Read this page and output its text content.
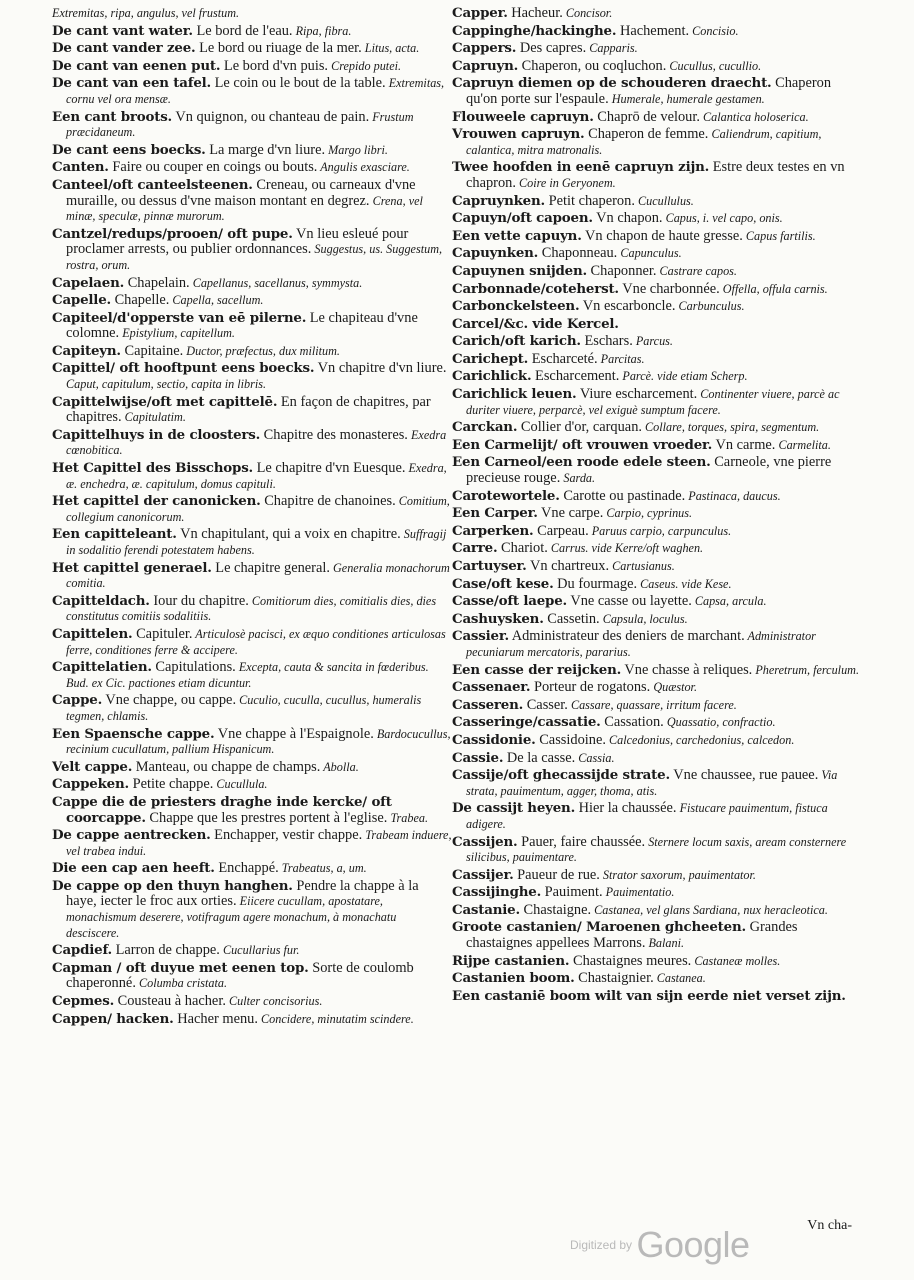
Extremitas, ripa, angulus, vel frustum.
De cant vant water. Le bord de l'eau. Ripa, fibra.
De cant vander zee. Le bord ou riuage de la mer. Litus, acta.
De cant van eenen put. Le bord d'vn puis. Crepido putei.
De cant van een tafel. Le coin ou le bout de la table. Extremitas, cornu vel ora mensæ.
Een cant broots. Vn quignon, ou chanteau de pain. Frustum præcidaneum.
De cant eens boecks. La marge d'vn liure. Margo libri.
Canten. Faire ou couper en coings ou bouts. Angulis exasciare.
Canteel/oft canteelsteenen. Creneau, ou carneaux d'vne muraille, ou dessus d'vne maison montant en degrez. Crena, vel minæ, speculæ, pinnæ murorum.
Cantzel/redups/prooen/ oft pupe. Vn lieu esleué pour proclamer arrests, ou publier ordonnances. Suggestus, us. Suggestum, rostra, orum.
Capelaen. Chapelain. Capellanus, sacellanus, symmysta.
Capelle. Chapelle. Capella, sacellum.
Capiteel/d'opperste van eē pilerne. Le chapiteau d'vne colomne. Epistylium, capitellum.
Capiteyn. Capitaine. Ductor, præfectus, dux militum.
Capittel/ oft hooftpunt eens boecks. Vn chapitre d'vn liure. Caput, capitulum, sectio, capita in libris.
Capittelwijse/oft met capittelē. En façon de chapitres, par chapitres. Capitulatim.
Capittelhuys in de cloosters. Chapitre des monasteres. Exedra cœnobitica.
Het Capittel des Bisschops. Le chapitre d'vn Euesque. Exedra, æ. enchedra, æ. capitulum, domus capituli.
Het capittel der canonicken. Chapitre de chanoines. Comitium, collegium canonicorum.
Een capitteleant. Vn chapitulant, qui a voix en chapitre. Suffragij in sodalitio ferendi potestatem habens.
Het capittel generael. Le chapitre general. Generalia monachorum comitia.
Capitteldach. Iour du chapitre. Comitiorum dies, comitialis dies, dies constitutus comitiis sodalitiis.
Capittelen. Capituler. Articulosè pacisci, ex æquo conditiones articulosas ferre, conditiones ferre & accipere.
Capittelatien. Capitulations. Excepta, cauta & sancita in fœderibus. Bud. ex Cic. pactiones etiam dicuntur.
Cappe. Vne chappe, ou cappe. Cuculio, cuculla, cucullus, humeralis tegmen, chlamis.
Een Spaensche cappe. Vne chappe à l'Espaignole. Bardocucullus, recinium cucullatum, pallium Hispanicum.
Velt cappe. Manteau, ou chappe de champs. Abolla.
Cappeken. Petite chappe. Cucullula.
Cappe die de priesters draghe inde kercke/ oft coorcappe. Chappe que les prestres portent à l'eglise. Trabea.
De cappe aentrecken. Enchapper, vestir chappe. Trabeam induere, vel trabea indui.
Die een cap aen heeft. Enchappé. Trabeatus, a, um.
De cappe op den thuyn hanghen. Pendre la chappe à la haye, iecter le froc aux orties. Eiicere cucullam, apostatare, monachismum deserere, votifragum agere monachum, à monachatu desciscere.
Capdief. Larron de chappe. Cucullarius fur.
Capman / oft duyue met eenen top. Sorte de coulomb chaperonné. Columba cristata.
Cepmes. Cousteau à hacher. Culter concisorius.
Cappen/ hacken. Hacher menu. Concidere, minutatim scindere.
Capper. Hacheur. Concisor.
Cappinghe/hackinghe. Hachement. Concisio.
Cappers. Des capres. Capparis.
Capruyn. Chaperon, ou coqluchon. Cucullus, cucullio.
Capruyn diemen op de schouderen draecht. Chaperon qu'on porte sur l'espaule. Humerale, humerale gestamen.
Flouweele capruyn. Chaprō de velour. Calantica holoserica.
Vrouwen capruyn. Chaperon de femme. Caliendrum, capitium, calantica, mitra matronalis.
Twee hoofden in eenē capruyn zijn. Estre deux testes en vn chapron. Coire in Geryonem.
Capruynken. Petit chaperon. Cucullulus.
Capuyn/oft capoen. Vn chapon. Capus, i. vel capo, onis.
Een vette capuyn. Vn chapon de haute gresse. Capus fartilis.
Capuynken. Chaponneau. Capunculus.
Capuynen snijden. Chaponner. Castrare capos.
Carbonnade/coteherst. Vne charbonnée. Offella, offula carnis.
Carbonckelsteen. Vn escarboncle. Carbunculus.
Carcel/&c. vide Kercel.
Carich/oft karich. Eschars. Parcus.
Carichept. Escharceté. Parcitas.
Carichlick. Escharcement. Parcè. vide etiam Scherp.
Carichlick leuen. Viure escharcement. Continenter viuere, parcè ac duriter viuere, perparcè, vel exiguè sumptum facere.
Carckan. Collier d'or, carquan. Collare, torques, spira, segmentum.
Een Carmelijt/ oft vrouwen vroeder. Vn carme. Carmelita.
Een Carneol/een roode edele steen. Carneole, vne pierre precieuse rouge. Sarda.
Carotewortele. Carotte ou pastinade. Pastinaca, daucus.
Een Carper. Vne carpe. Carpio, cyprinus.
Carperken. Carpeau. Paruus carpio, carpunculus.
Carre. Chariot. Carrus. vide Kerre/oft waghen.
Cartuyser. Vn chartreux. Cartusianus.
Case/oft kese. Du fourmage. Caseus. vide Kese.
Casse/oft laepe. Vne casse ou layette. Capsa, arcula.
Cashuysken. Cassetin. Capsula, loculus.
Cassier. Administrateur des deniers de marchant. Administrator pecuniarum mercatoris, pararius.
Een casse der reijcken. Vne chasse à reliques. Pheretrum, ferculum.
Cassenaer. Porteur de rogatons. Quæstor.
Casseren. Casser. Cassare, quassare, irritum facere.
Casseringe/cassatie. Cassation. Quassatio, confractio.
Cassidonie. Cassidoine. Calcedonius, carchedonius, calcedon.
Cassie. De la casse. Cassia.
Cassije/oft ghecassijde strate. Vne chaussee, rue pauee. Via strata, pauimentum, agger, thoma, atis.
De cassijt heyen. Hier la chaussée. Fistucare pauimentum, fistuca adigere.
Cassijen. Pauer, faire chaussée. Sternere locum saxis, aream consternere silicibus, pauimentare.
Cassijer. Paueur de rue. Strator saxorum, pauimentator.
Cassijinghe. Pauiment. Pauimentatio.
Castanie. Chastaigne. Castanea, vel glans Sardiana, nux heracleotica.
Groote castanien/ Maroenen ghcheeten. Grandes chastaignes appellees Marrons. Balani.
Rijpe castanien. Chastaignes meures. Castaneæ molles.
Castanien boom. Chastaignier. Castanea.
Een castaniē boom wilt van sijn eerde niet verset zijn.
Vn cha-
Digitized by Google
